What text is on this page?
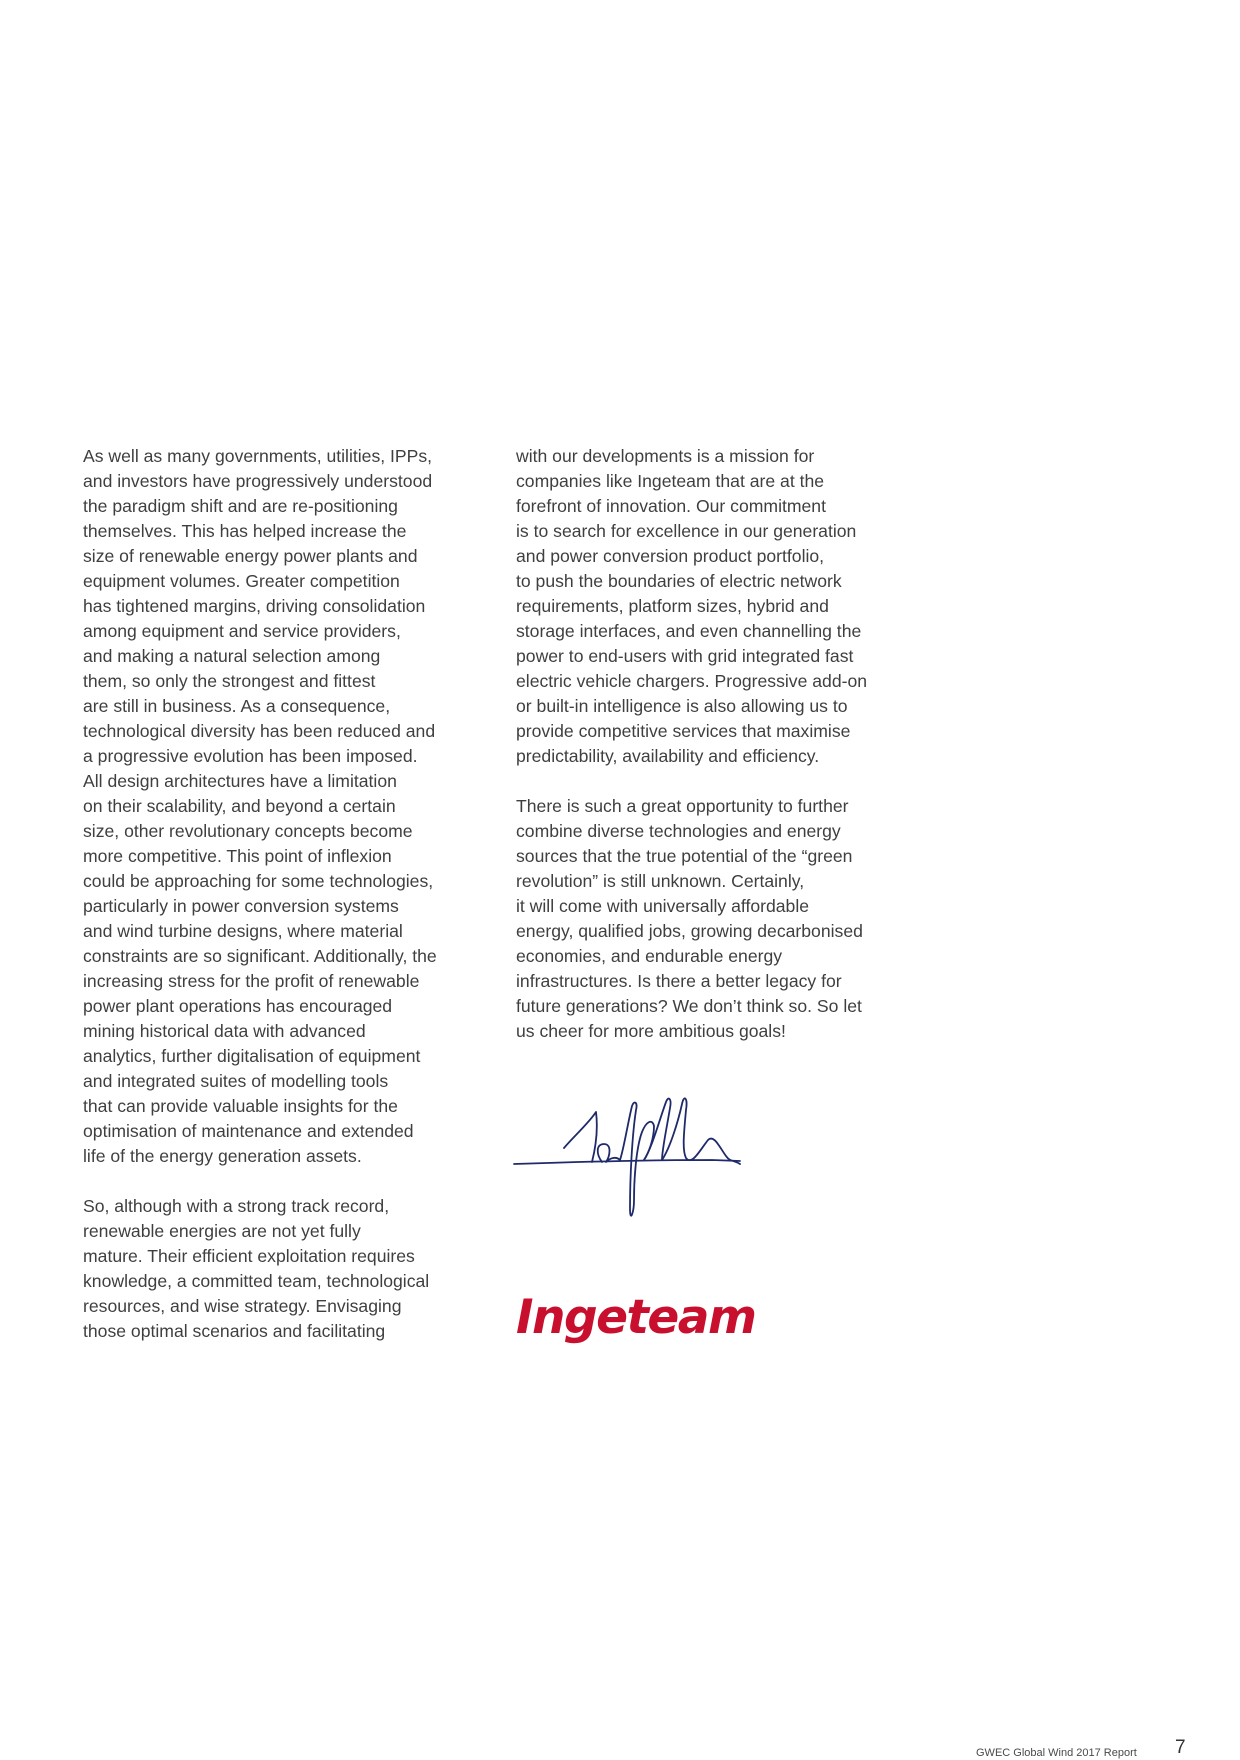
As well as many governments, utilities, IPPs,
and investors have progressively understood
the paradigm shift and are re-positioning
themselves. This has helped increase the
size of renewable energy power plants and
equipment volumes. Greater competition
has tightened margins, driving consolidation
among equipment and service providers,
and making a natural selection among
them, so only the strongest and fittest
are still in business. As a consequence,
technological diversity has been reduced and
a progressive evolution has been imposed.
All design architectures have a limitation
on their scalability, and beyond a certain
size, other revolutionary concepts become
more competitive. This point of inflexion
could be approaching for some technologies,
particularly in power conversion systems
and wind turbine designs, where material
constraints are so significant. Additionally, the
increasing stress for the profit of renewable
power plant operations has encouraged
mining historical data with advanced
analytics, further digitalisation of equipment
and integrated suites of modelling tools
that can provide valuable insights for the
optimisation of maintenance and extended
life of the energy generation assets.
So, although with a strong track record,
renewable energies are not yet fully
mature. Their efficient exploitation requires
knowledge, a committed team, technological
resources, and wise strategy. Envisaging
those optimal scenarios and facilitating
with our developments is a mission for
companies like Ingeteam that are at the
forefront of innovation. Our commitment
is to search for excellence in our generation
and power conversion product portfolio,
to push the boundaries of electric network
requirements, platform sizes, hybrid and
storage interfaces, and even channelling the
power to end-users with grid integrated fast
electric vehicle chargers. Progressive add-on
or built-in intelligence is also allowing us to
provide competitive services that maximise
predictability, availability and efficiency.
There is such a great opportunity to further
combine diverse technologies and energy
sources that the true potential of the “green
revolution” is still unknown. Certainly,
it will come with universally affordable
energy, qualified jobs, growing decarbonised
economies, and endurable energy
infrastructures. Is there a better legacy for
future generations? We don’t think so. So let
us cheer for more ambitious goals!
Ingeteam
GWEC Global Wind 2017 Report 7
